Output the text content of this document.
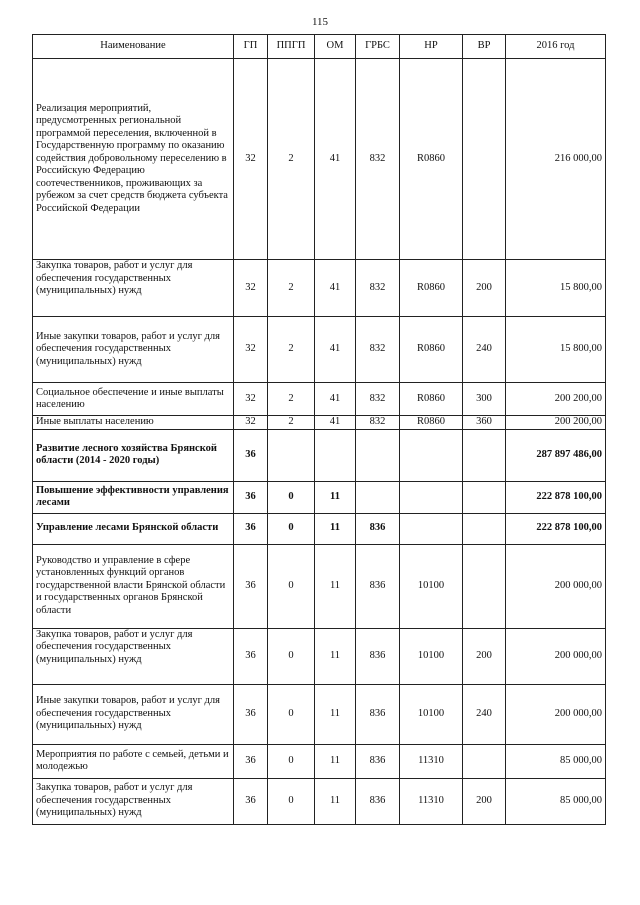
115
Наименование	ГП	ППГП	ОМ	ГРБС	НР	ВР	2016 год
Реализация мероприятий, предусмотренных региональной программой переселения, включенной в Государственную программу по оказанию содействия добровольному переселению в Российскую Федерацию соотечественников, проживающих за рубежом за счет средств бюджета субъекта Российской Федерации	32	2	41	832	R0860		216 000,00
Закупка товаров, работ и услуг для обеспечения государственных (муниципальных) нужд	32	2	41	832	R0860	200	15 800,00
Иные закупки товаров, работ и услуг для обеспечения государственных (муниципальных) нужд	32	2	41	832	R0860	240	15 800,00
Социальное обеспечение и иные выплаты населению	32	2	41	832	R0860	300	200 200,00
Иные выплаты населению	32	2	41	832	R0860	360	200 200,00
Развитие лесного хозяйства Брянской области (2014 - 2020 годы)	36						287 897 486,00
Повышение эффективности управления лесами	36	0	11				222 878 100,00
Управление лесами Брянской области	36	0	11	836			222 878 100,00
Руководство и управление в сфере установленных функций органов государственной власти Брянской области и государственных органов Брянской области	36	0	11	836	10100		200 000,00
Закупка товаров, работ и услуг для обеспечения государственных (муниципальных) нужд	36	0	11	836	10100	200	200 000,00
Иные закупки товаров, работ и услуг для обеспечения государственных (муниципальных) нужд	36	0	11	836	10100	240	200 000,00
Мероприятия по работе с семьей, детьми и молодежью	36	0	11	836	11310		85 000,00
Закупка товаров, работ и услуг для обеспечения государственных (муниципальных) нужд	36	0	11	836	11310	200	85 000,00
